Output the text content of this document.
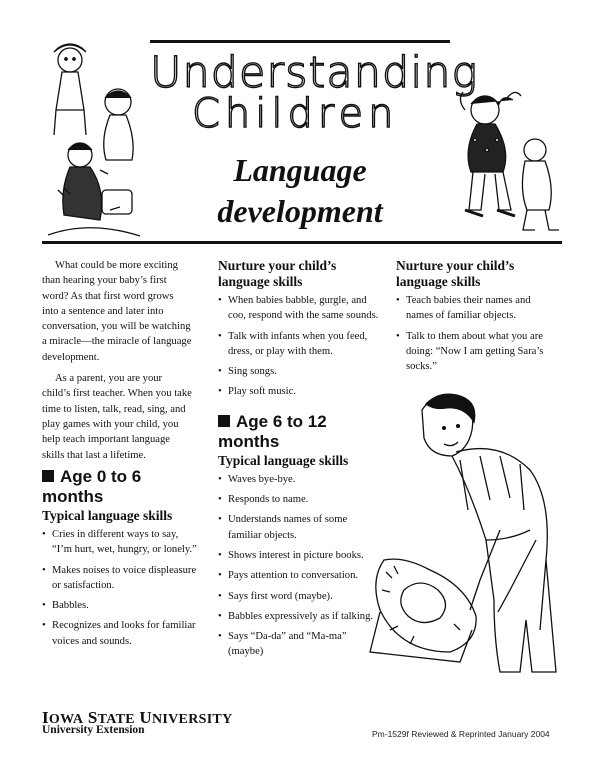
Understanding
Children
Language
development

What could be more exciting than hearing your baby’s first word? As that first word grows into a sentence and later into conversation, you will be watching a miracle—the miracle of language development.

As a parent, you are your child’s first teacher. When you take time to listen, talk, read, sing, and play games with your child, you help teach important language skills that last a lifetime.

Age 0 to 6 months
Typical language skills
• Cries in different ways to say, “I’m hurt, wet, hungry, or lonely.”
• Makes noises to voice displeasure or satisfaction.
• Babbles.
• Recognizes and looks for familiar voices and sounds.
Nurture your child’s language skills
• When babies babble, gurgle, and coo, respond with the same sounds.
• Talk with infants when you feed, dress, or play with them.
• Sing songs.
• Play soft music.
Age 6 to 12 months
Typical language skills
• Waves bye-bye.
• Responds to name.
• Understands names of some familiar objects.
• Shows interest in picture books.
• Pays attention to conversation.
• Says first word (maybe).
• Babbles expressively as if talking.
• Says “Da-da” and “Ma-ma” (maybe)
Nurture your child’s language skills
• Teach babies their names and names of familiar objects.
• Talk to them about what you are doing: “Now I am getting Sara’s socks.”
IOWA STATE UNIVERSITY
University Extension	Pm-1529f Reviewed & Reprinted January 2004
